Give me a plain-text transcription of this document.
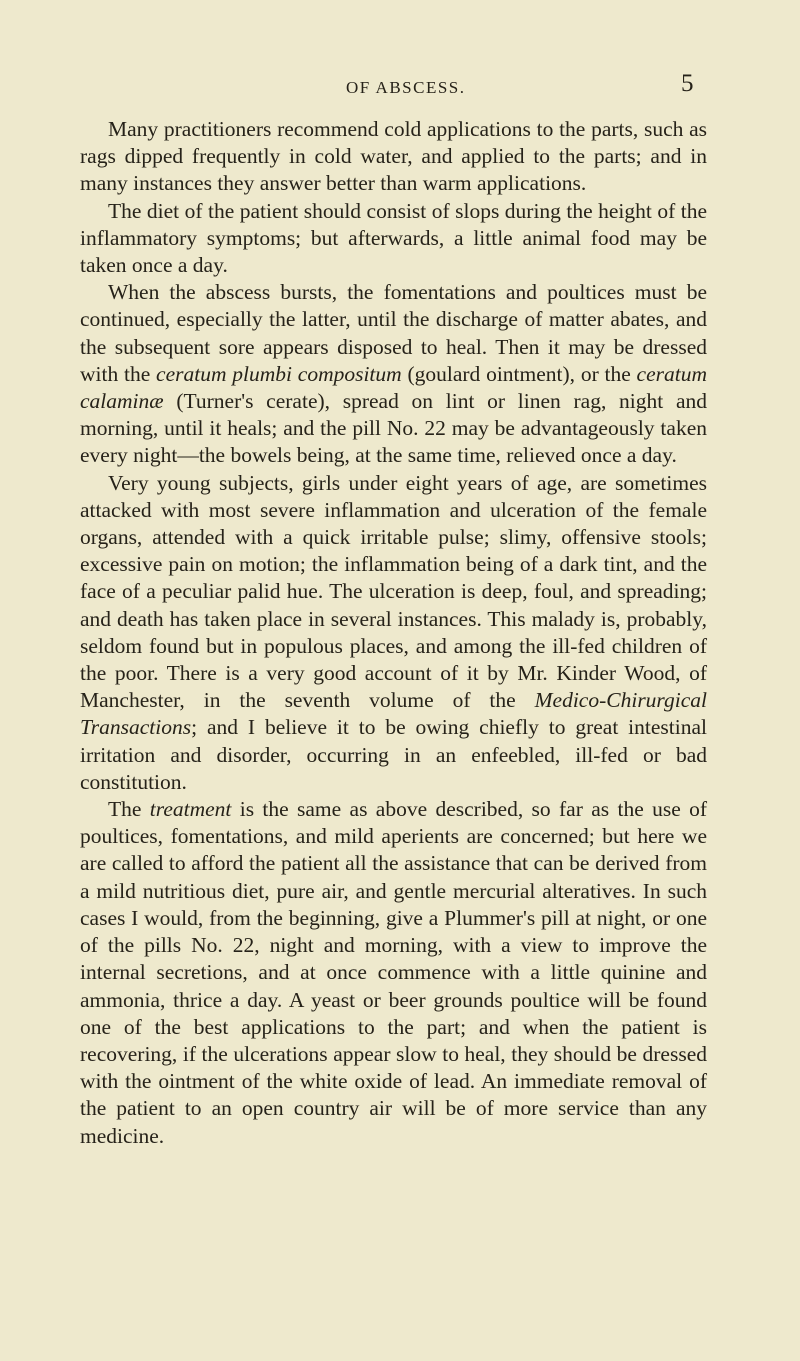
OF ABSCESS.	5

Many practitioners recommend cold applications to the parts, such as rags dipped frequently in cold water, and applied to the parts; and in many instances they answer better than warm applications.

The diet of the patient should consist of slops during the height of the inflammatory symptoms; but afterwards, a little animal food may be taken once a day.

When the abscess bursts, the fomentations and poultices must be continued, especially the latter, until the discharge of matter abates, and the subsequent sore appears disposed to heal. Then it may be dressed with the ceratum plumbi compositum (goulard ointment), or the ceratum calaminæ (Turner's cerate), spread on lint or linen rag, night and morning, until it heals; and the pill No. 22 may be advantageously taken every night—the bowels being, at the same time, relieved once a day.

Very young subjects, girls under eight years of age, are sometimes attacked with most severe inflammation and ulceration of the female organs, attended with a quick irritable pulse; slimy, offensive stools; excessive pain on motion; the inflammation being of a dark tint, and the face of a peculiar palid hue. The ulceration is deep, foul, and spreading; and death has taken place in several instances. This malady is, probably, seldom found but in populous places, and among the ill-fed children of the poor. There is a very good account of it by Mr. Kinder Wood, of Manchester, in the seventh volume of the Medico-Chirurgical Transactions; and I believe it to be owing chiefly to great intestinal irritation and disorder, occurring in an enfeebled, ill-fed or bad constitution.

The treatment is the same as above described, so far as the use of poultices, fomentations, and mild aperients are concerned; but here we are called to afford the patient all the assistance that can be derived from a mild nutritious diet, pure air, and gentle mercurial alteratives. In such cases I would, from the beginning, give a Plummer's pill at night, or one of the pills No. 22, night and morning, with a view to improve the internal secretions, and at once commence with a little quinine and ammonia, thrice a day. A yeast or beer grounds poultice will be found one of the best applications to the part; and when the patient is recovering, if the ulcerations appear slow to heal, they should be dressed with the ointment of the white oxide of lead. An immediate removal of the patient to an open country air will be of more service than any medicine.
